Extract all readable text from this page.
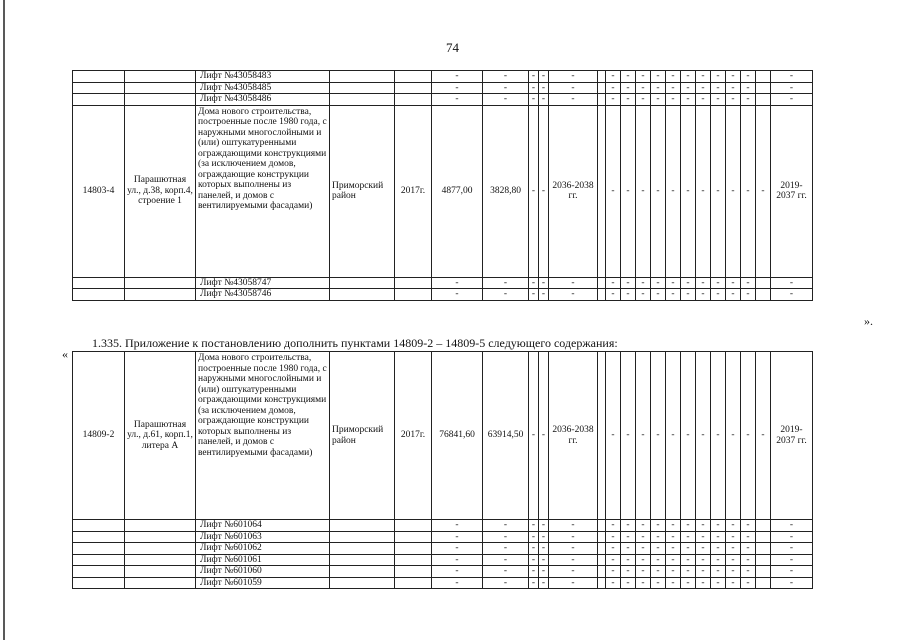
74
		Лифт №43058483			-	-	-	-	-		-	-	-	-	-	-	-	-	-	-		-
		Лифт №43058485			-	-	-	-	-		-	-	-	-	-	-	-	-	-	-		-
		Лифт №43058486			-	-	-	-	-		-	-	-	-	-	-	-	-	-	-		-
14803-4	Парашютная ул., д.38, корп.4, строение 1	Дома нового строительства, построенные после 1980 года, с наружными многослойными и (или) оштукатуренными ограждающими конструкциями (за исключением домов, ограждающие конструкции которых выполнены из панелей, и домов с вентилируемыми фасадами)	Приморский район	2017г.	4877,00	3828,80	-	-	2036-2038 гг.		-	-	-	-	-	-	-	-	-	-	-	2019-2037 гг.
		Лифт №43058747			-	-	-	-	-		-	-	-	-	-	-	-	-	-	-		-
		Лифт №43058746			-	-	-	-	-		-	-	-	-	-	-	-	-	-	-		-
».
«
1.335. Приложение к постановлению дополнить пунктами 14809-2 – 14809-5 следующего содержания:
14809-2	Парашютная ул., д.61, корп.1, литера А	Дома нового строительства, построенные после 1980 года, с наружными многослойными и (или) оштукатуренными ограждающими конструкциями (за исключением домов, ограждающие конструкции которых выполнены из панелей, и домов с вентилируемыми фасадами)	Приморский район	2017г.	76841,60	63914,50	-	-	2036-2038 гг.		-	-	-	-	-	-	-	-	-	-	-	2019-2037 гг.
		Лифт №601064			-	-	-	-	-		-	-	-	-	-	-	-	-	-	-		-
		Лифт №601063			-	-	-	-	-		-	-	-	-	-	-	-	-	-	-		-
		Лифт №601062			-	-	-	-	-		-	-	-	-	-	-	-	-	-	-		-
		Лифт №601061			-	-	-	-	-		-	-	-	-	-	-	-	-	-	-		-
		Лифт №601060			-	-	-	-	-		-	-	-	-	-	-	-	-	-	-		-
		Лифт №601059			-	-	-	-	-		-	-	-	-	-	-	-	-	-	-		-
